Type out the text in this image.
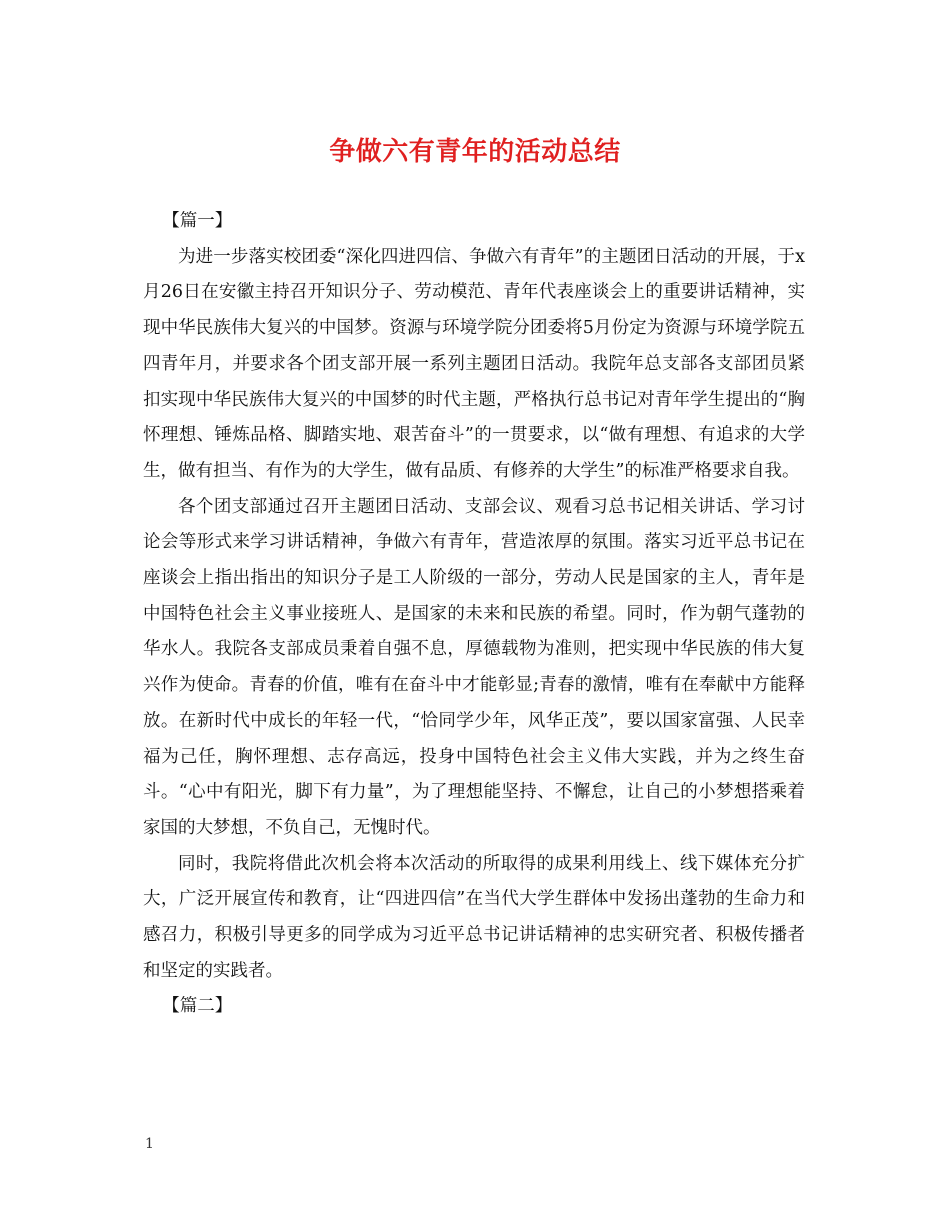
争做六有青年的活动总结

【篇一】

为进一步落实校团委“深化四进四信、争做六有青年”的主题团日活动的开展，于x月26日在安徽主持召开知识分子、劳动模范、青年代表座谈会上的重要讲话精神，实现中华民族伟大复兴的中国梦。资源与环境学院分团委将5月份定为资源与环境学院五四青年月，并要求各个团支部开展一系列主题团日活动。我院年总支部各支部团员紧扣实现中华民族伟大复兴的中国梦的时代主题，严格执行总书记对青年学生提出的“胸怀理想、锤炼品格、脚踏实地、艰苦奋斗”的一贯要求，以“做有理想、有追求的大学生，做有担当、有作为的大学生，做有品质、有修养的大学生”的标准严格要求自我。

各个团支部通过召开主题团日活动、支部会议、观看习总书记相关讲话、学习讨论会等形式来学习讲话精神，争做六有青年，营造浓厚的氛围。落实习近平总书记在座谈会上指出指出的知识分子是工人阶级的一部分，劳动人民是国家的主人，青年是中国特色社会主义事业接班人、是国家的未来和民族的希望。同时，作为朝气蓬勃的华水人。我院各支部成员秉着自强不息，厚德载物为准则，把实现中华民族的伟大复兴作为使命。青春的价值，唯有在奋斗中才能彰显;青春的激情，唯有在奉献中方能释放。在新时代中成长的年轻一代，“恰同学少年，风华正茂”，要以国家富强、人民幸福为己任，胸怀理想、志存高远，投身中国特色社会主义伟大实践，并为之终生奋斗。“心中有阳光，脚下有力量”，为了理想能坚持、不懈怠，让自己的小梦想搭乘着家国的大梦想，不负自己，无愧时代。

同时，我院将借此次机会将本次活动的所取得的成果利用线上、线下媒体充分扩大，广泛开展宣传和教育，让“四进四信”在当代大学生群体中发扬出蓬勃的生命力和感召力，积极引导更多的同学成为习近平总书记讲话精神的忠实研究者、积极传播者和坚定的实践者。

【篇二】

1
